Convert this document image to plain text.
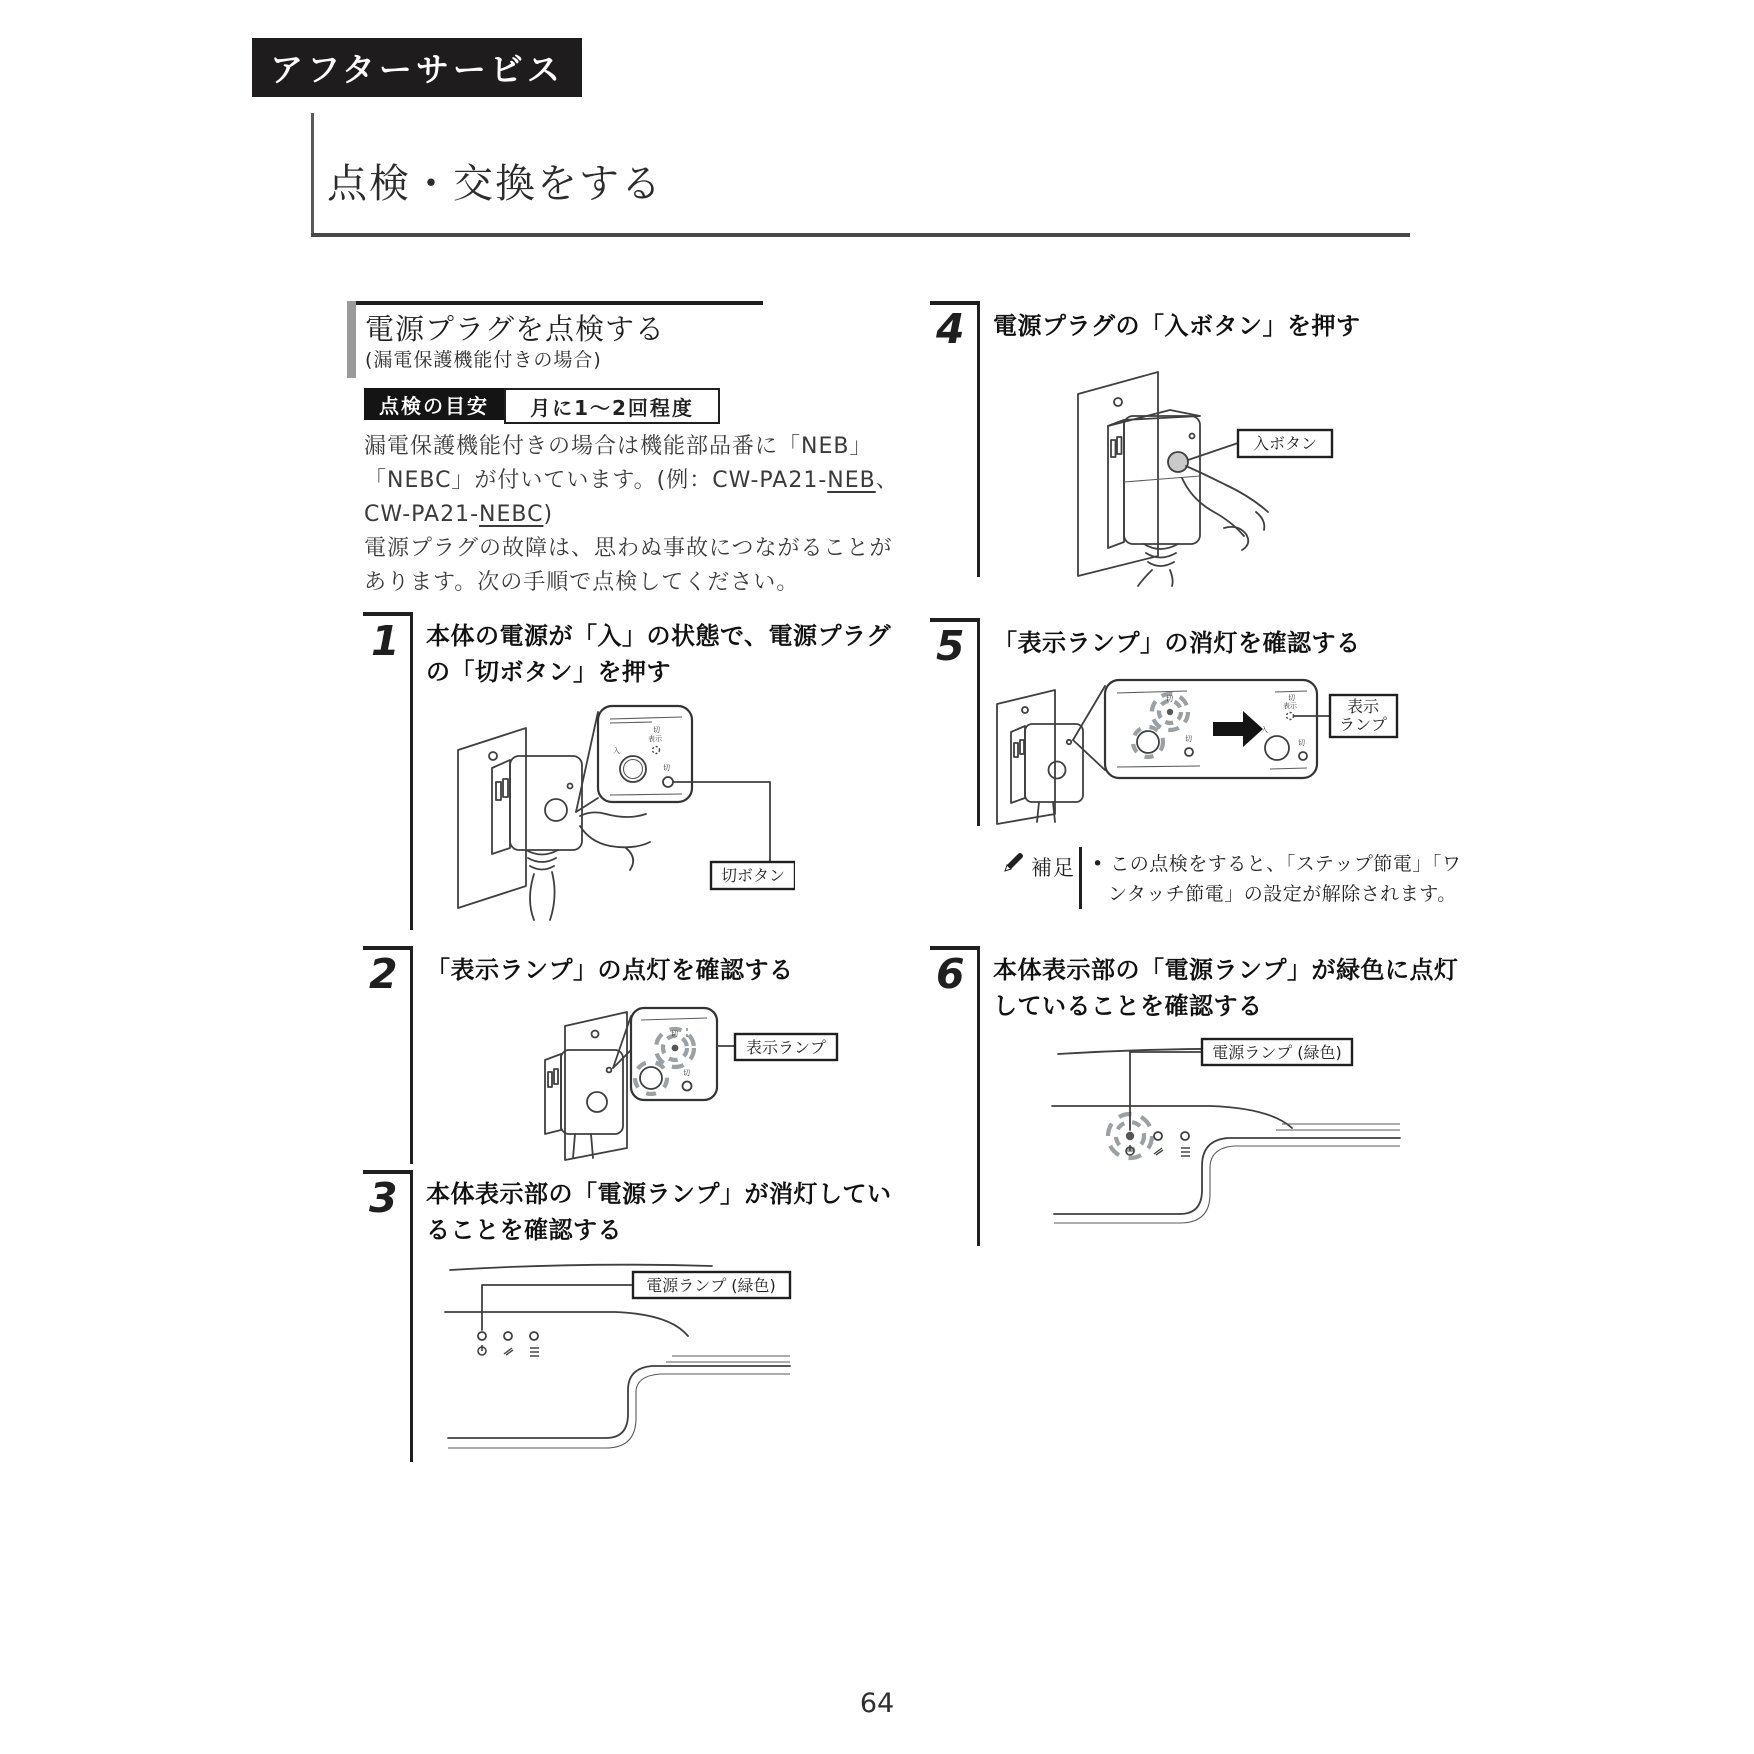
アフターサービス
点検・交換をする
電源プラグを点検する
(漏電保護機能付きの場合)
点検の目安 月に1〜2回程度
漏電保護機能付きの場合は機能部品番に「NEB」
「NEBC」が付いています。(例：CW-PA21-NEB、
CW-PA21-NEBC)
電源プラグの故障は、思わぬ事故につながることが
あります。次の手順で点検してください。
1 本体の電源が「入」の状態で、電源プラグ
の「切ボタン」を押す
切
表示
入
切
切ボタン
2 「表示ランプ」の点灯を確認する
切
切
表示ランプ
3 本体表示部の「電源ランプ」が消灯してい
ることを確認する
電源ランプ (緑色)
4 電源プラグの「入ボタン」を押す
入ボタン
5 「表示ランプ」の消灯を確認する
切
切
切
表示
入
切
表示
ランプ
補足 • この点検をすると、「ステップ節電」「ワ
ンタッチ節電」の設定が解除されます。
6 本体表示部の「電源ランプ」が緑色に点灯
していることを確認する
電源ランプ (緑色)
64
